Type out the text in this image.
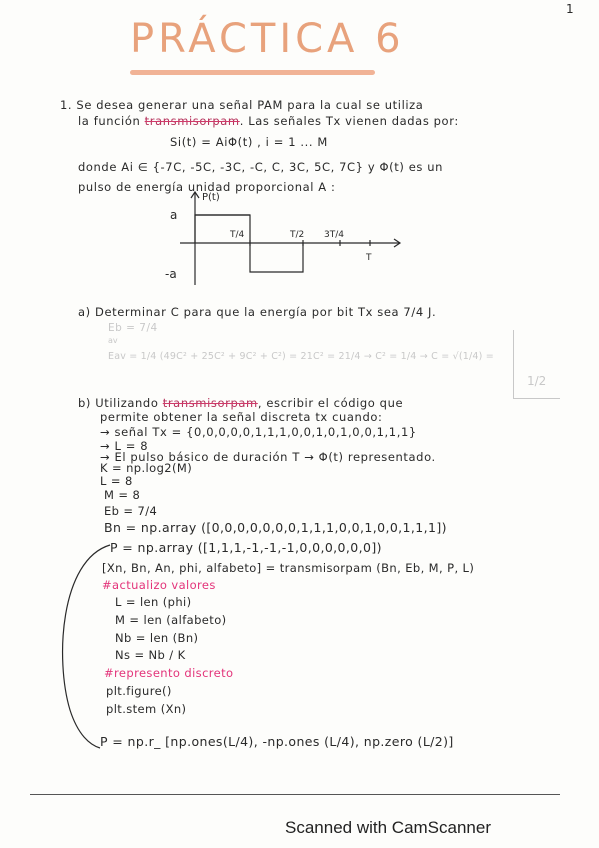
1
PRÁCTICA 6
1. Se desea generar una señal PAM para la cual se utiliza
la función transmisorpam. Las señales Tx vienen dadas por:
Si(t) = AiΦ(t) , i = 1 ... M
donde Ai ∈ {-7C, -5C, -3C, -C, C, 3C, 5C, 7C} y Φ(t) es un
pulso de energía unidad proporcional A :
P(t)
a
-a
T/4	T/2 3T/4
T
a) Determinar C para que la energía por bit Tx sea 7/4 J.
Eb = 7/4
av
Eav = 1/4 (49C² + 25C² + 9C² + C²) = 21C² = 21/4 → C² = 1/4 → C = √(1/4) =
1/2
b) Utilizando transmisorpam, escribir el código que
permite obtener la señal discreta tx cuando:
→ señal Tx = {0,0,0,0,0,1,1,1,0,0,1,0,1,0,0,1,1,1}
→ L = 8
→ El pulso básico de duración T → Φ(t) representado.
K = np.log2(M)
L = 8
M = 8
Eb = 7/4
Bn = np.array ([0,0,0,0,0,0,0,1,1,1,0,0,1,0,0,1,1,1])
P = np.array ([1,1,1,-1,-1,-1,0,0,0,0,0,0])
[Xn, Bn, An, phi, alfabeto] = transmisorpam (Bn, Eb, M, P, L)
#actualizo valores
L = len (phi)
M = len (alfabeto)
Nb = len (Bn)
Ns = Nb / K
#represento discreto
plt.figure()
plt.stem (Xn)
P = np.r_ [np.ones(L/4), -np.ones (L/4), np.zero (L/2)]
Scanned with CamScanner
